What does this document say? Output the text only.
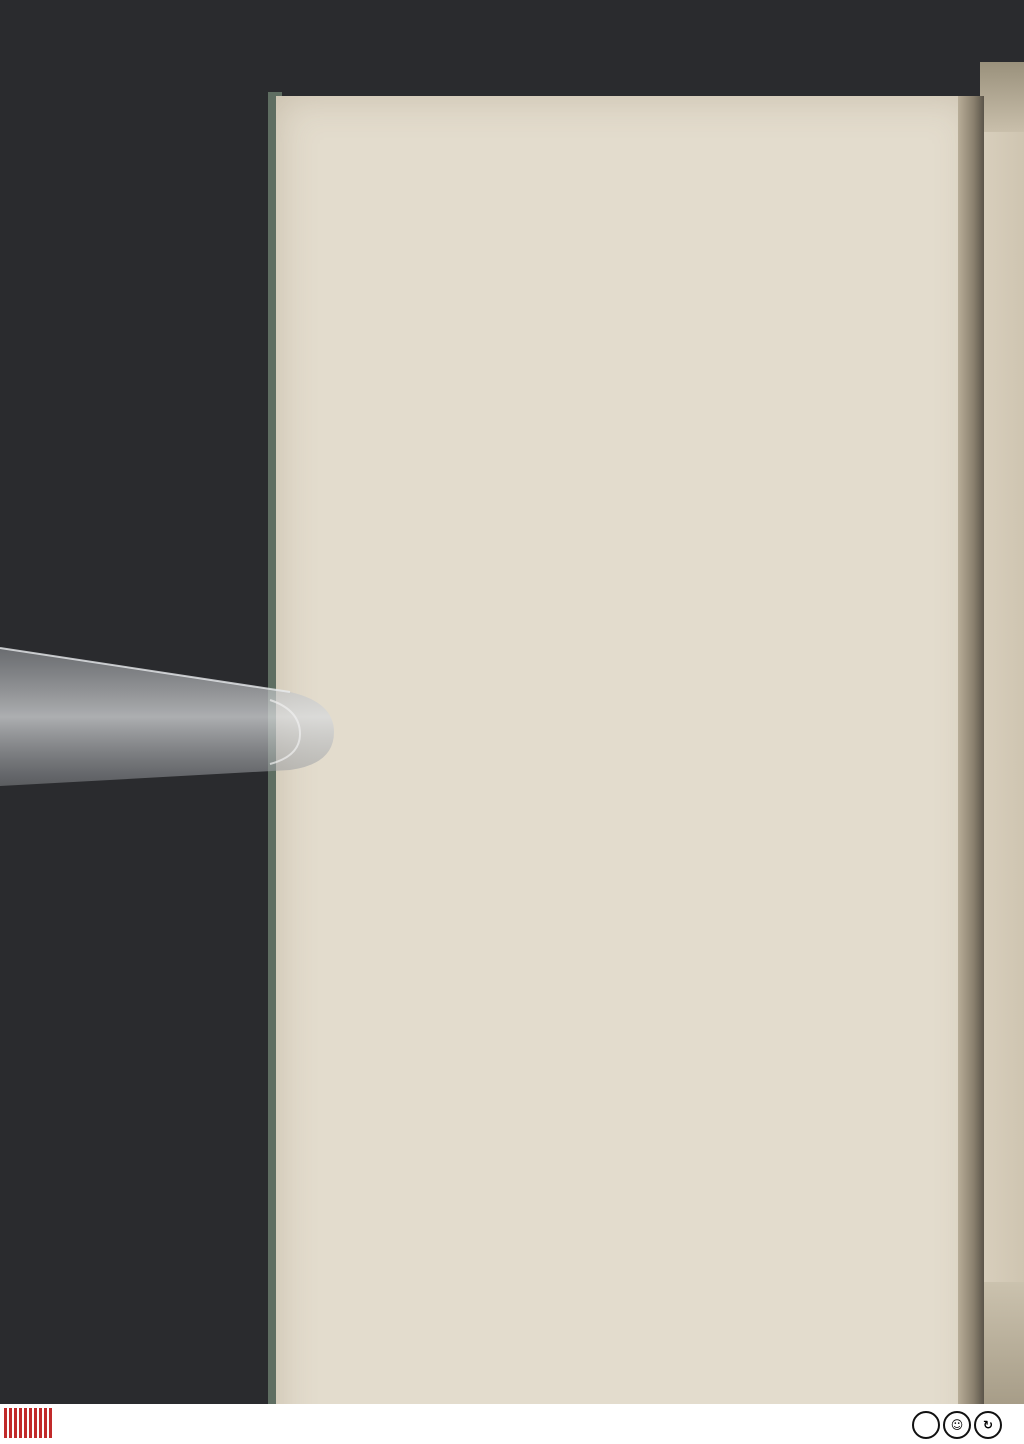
☺	↻
